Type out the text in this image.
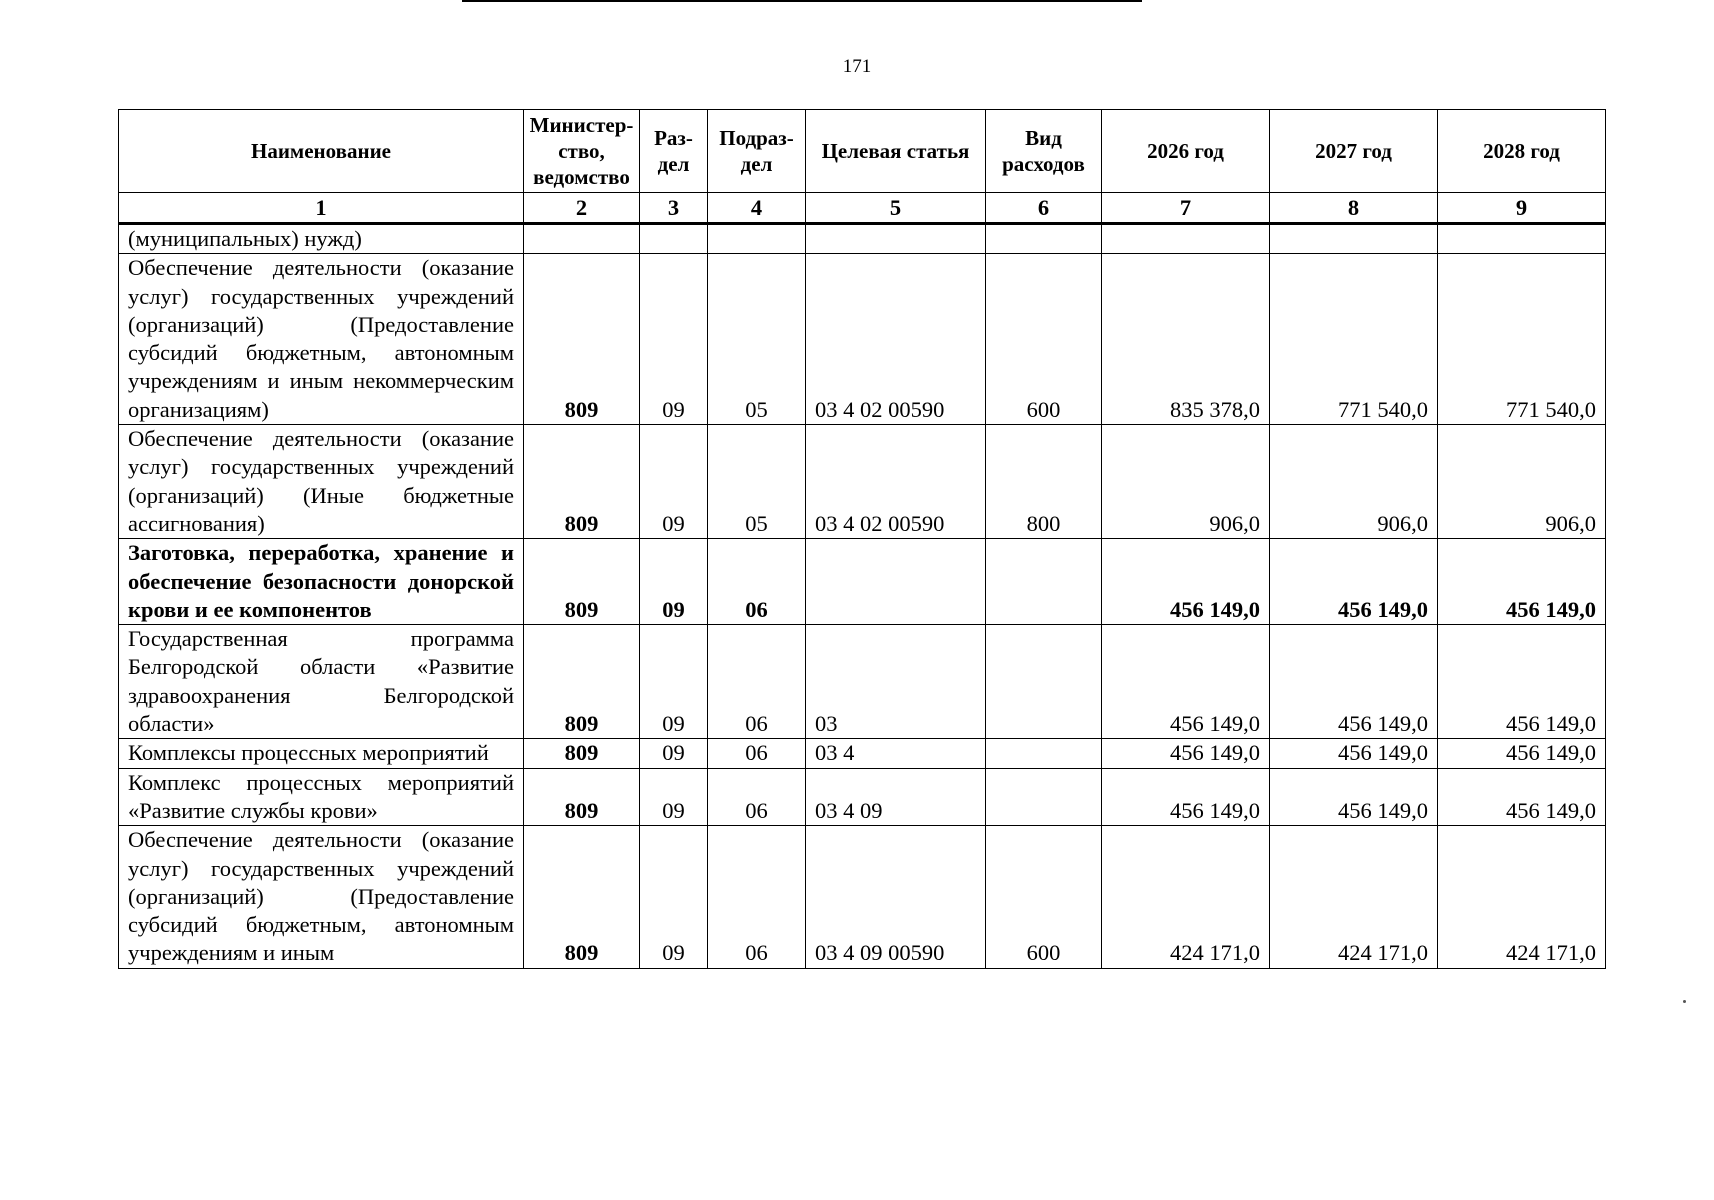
171
Наименование	Министер-ство, ведомство	Раз-дел	Подраз-дел	Целевая статья	Вид расходов	2026 год	2027 год	2028 год
1	2	3	4	5	6	7	8	9
(муниципальных) нужд)								
Обеспечение деятельности (оказание услуг) государственных учреждений (организаций) (Предоставление субсидий бюджетным, автономным учреждениям и иным некоммерческим организациям)	809	09	05	03 4 02 00590	600	835 378,0	771 540,0	771 540,0
Обеспечение деятельности (оказание услуг) государственных учреждений (организаций) (Иные бюджетные ассигнования)	809	09	05	03 4 02 00590	800	906,0	906,0	906,0
Заготовка, переработка, хранение и обеспечение безопасности донорской крови и ее компонентов	809	09	06			456 149,0	456 149,0	456 149,0
Государственная программа Белгородской области «Развитие здравоохранения Белгородской области»	809	09	06	03		456 149,0	456 149,0	456 149,0
Комплексы процессных мероприятий	809	09	06	03 4		456 149,0	456 149,0	456 149,0
Комплекс процессных мероприятий «Развитие службы крови»	809	09	06	03 4 09		456 149,0	456 149,0	456 149,0
Обеспечение деятельности (оказание услуг) государственных учреждений (организаций) (Предоставление субсидий бюджетным, автономным учреждениям и иным	809	09	06	03 4 09 00590	600	424 171,0	424 171,0	424 171,0
